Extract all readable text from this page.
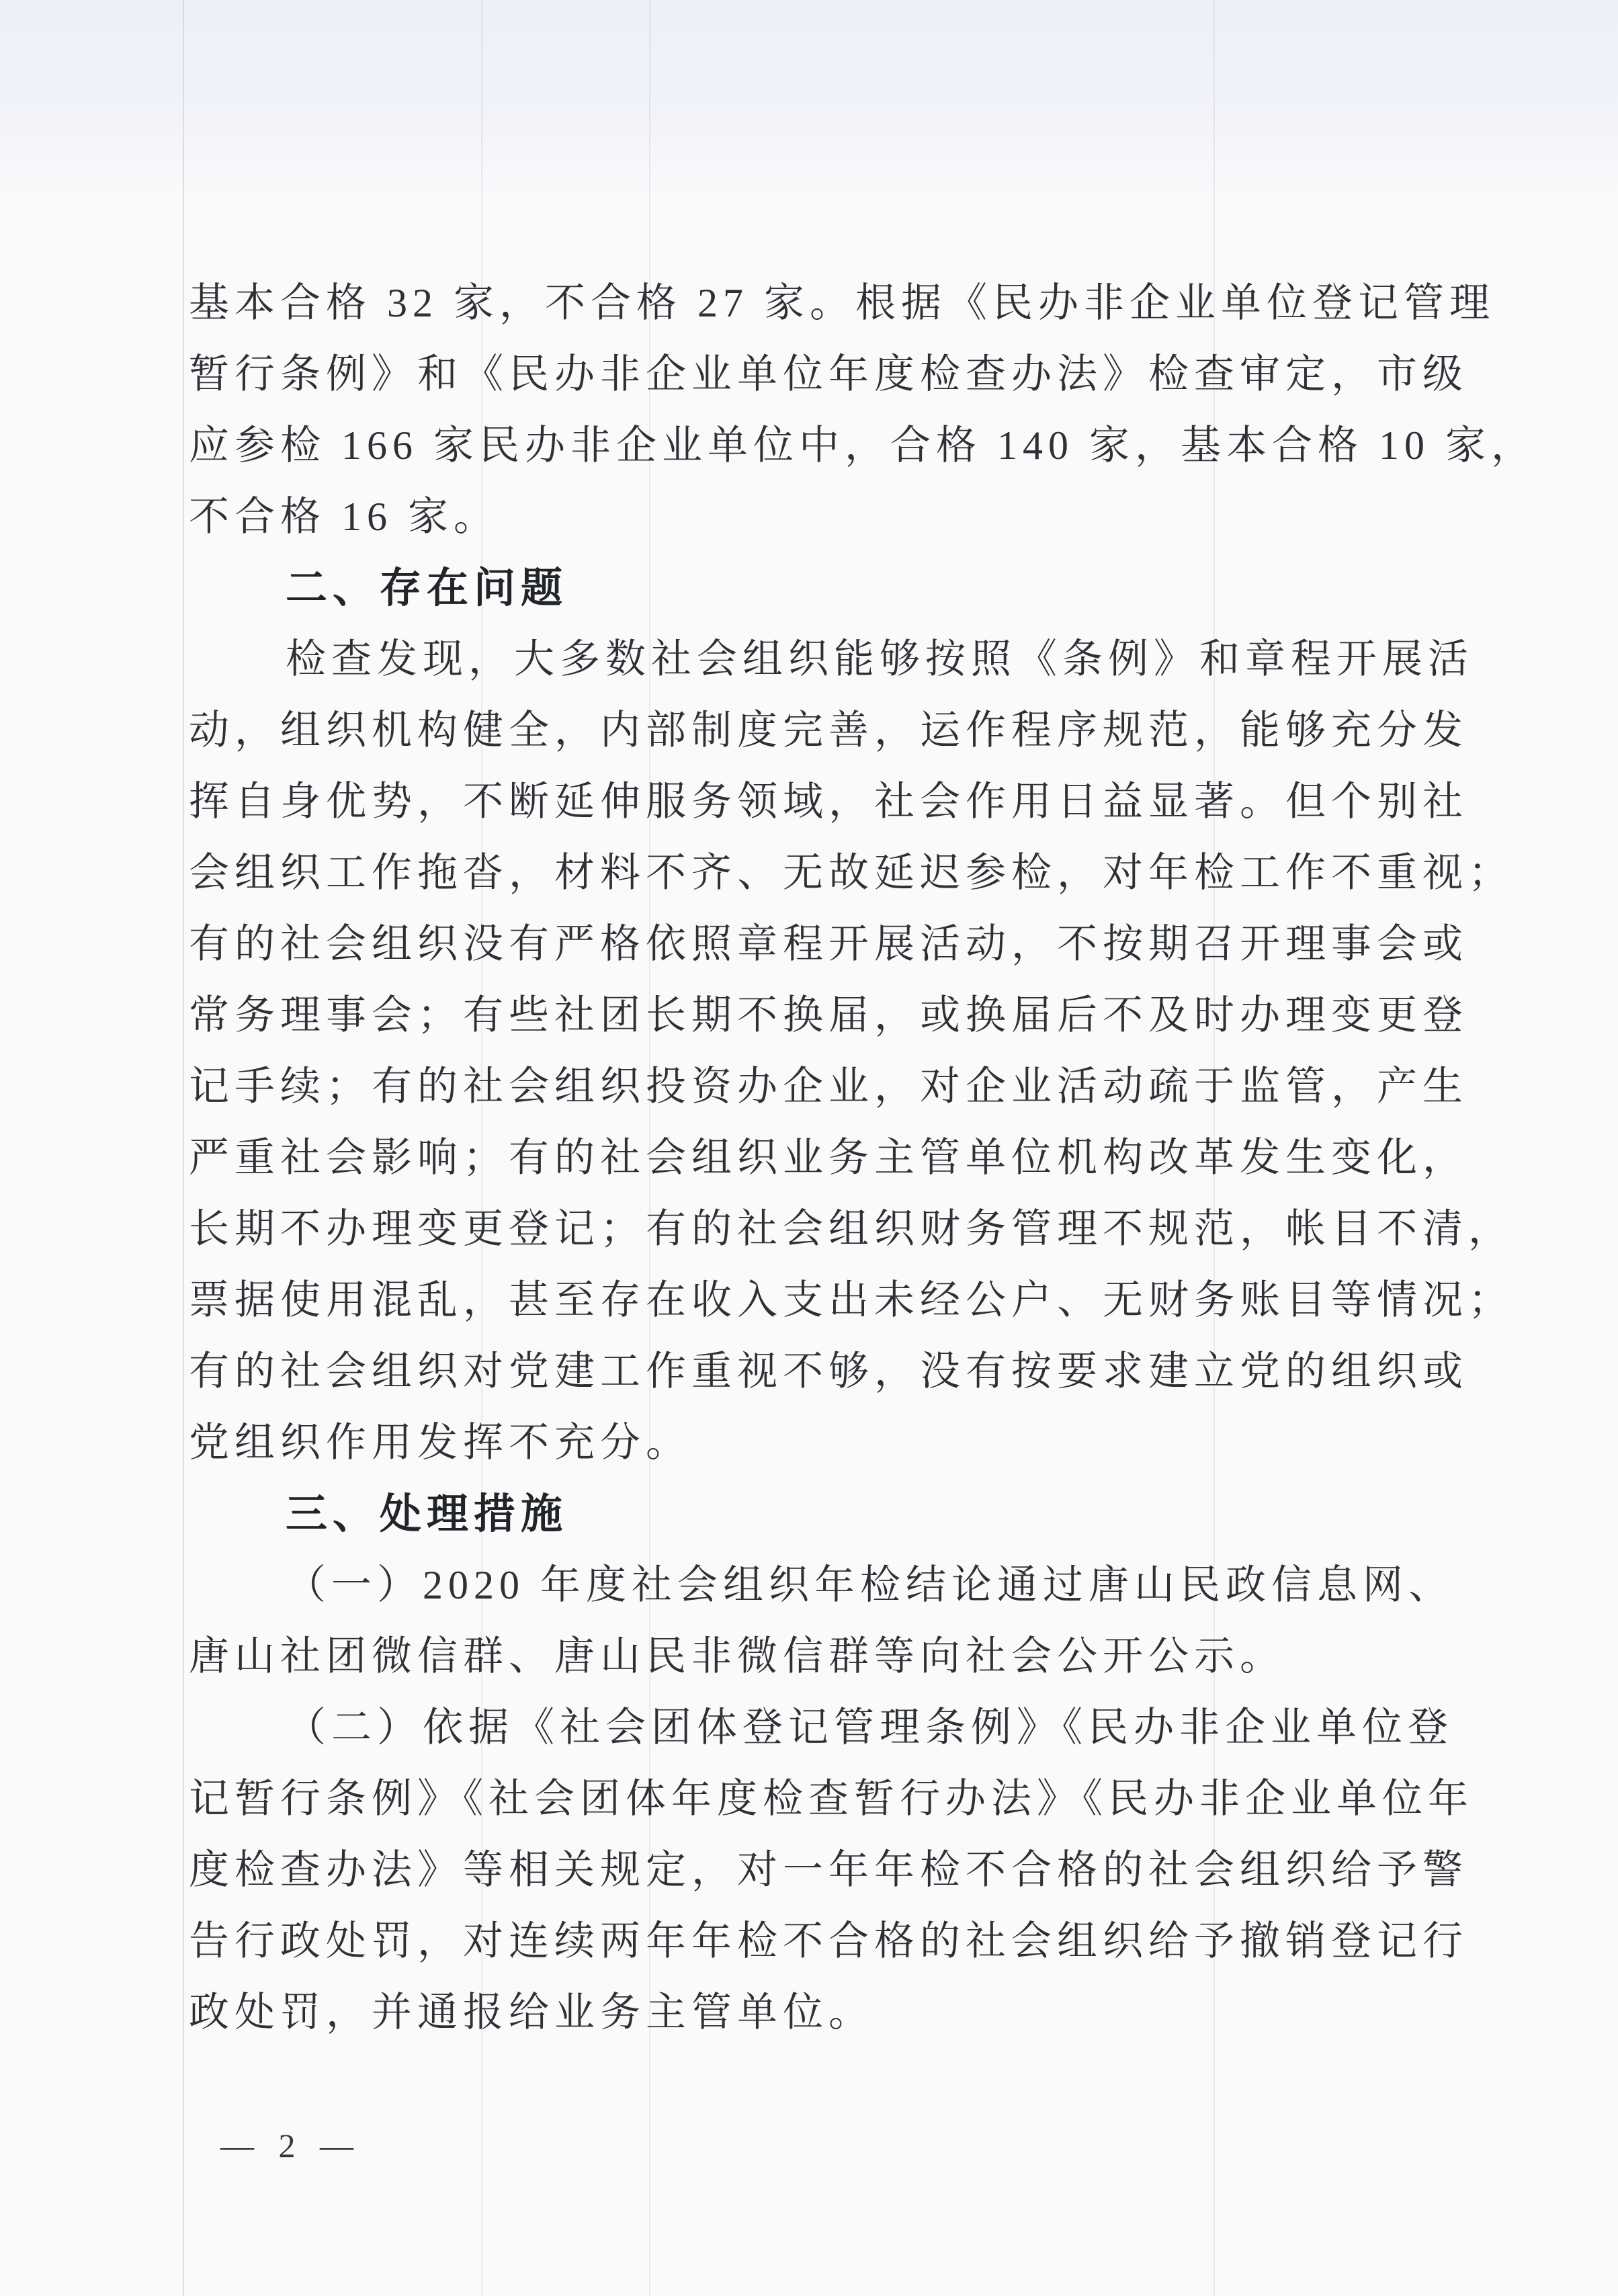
基本合格 32 家，不合格 27 家。根据《民办非企业单位登记管理
暂行条例》和《民办非企业单位年度检查办法》检查审定，市级
应参检 166 家民办非企业单位中，合格 140 家，基本合格 10 家，
不合格 16 家。
二、存在问题
检查发现，大多数社会组织能够按照《条例》和章程开展活
动，组织机构健全，内部制度完善，运作程序规范，能够充分发
挥自身优势，不断延伸服务领域，社会作用日益显著。但个别社
会组织工作拖沓，材料不齐、无故延迟参检，对年检工作不重视；
有的社会组织没有严格依照章程开展活动，不按期召开理事会或
常务理事会；有些社团长期不换届，或换届后不及时办理变更登
记手续；有的社会组织投资办企业，对企业活动疏于监管，产生
严重社会影响；有的社会组织业务主管单位机构改革发生变化，
长期不办理变更登记；有的社会组织财务管理不规范，帐目不清，
票据使用混乱，甚至存在收入支出未经公户、无财务账目等情况；
有的社会组织对党建工作重视不够，没有按要求建立党的组织或
党组织作用发挥不充分。
三、处理措施
（一）2020 年度社会组织年检结论通过唐山民政信息网、
唐山社团微信群、唐山民非微信群等向社会公开公示。
（二）依据《社会团体登记管理条例》《民办非企业单位登
记暂行条例》《社会团体年度检查暂行办法》《民办非企业单位年
度检查办法》等相关规定，对一年年检不合格的社会组织给予警
告行政处罚，对连续两年年检不合格的社会组织给予撤销登记行
政处罚，并通报给业务主管单位。
— 2 —
